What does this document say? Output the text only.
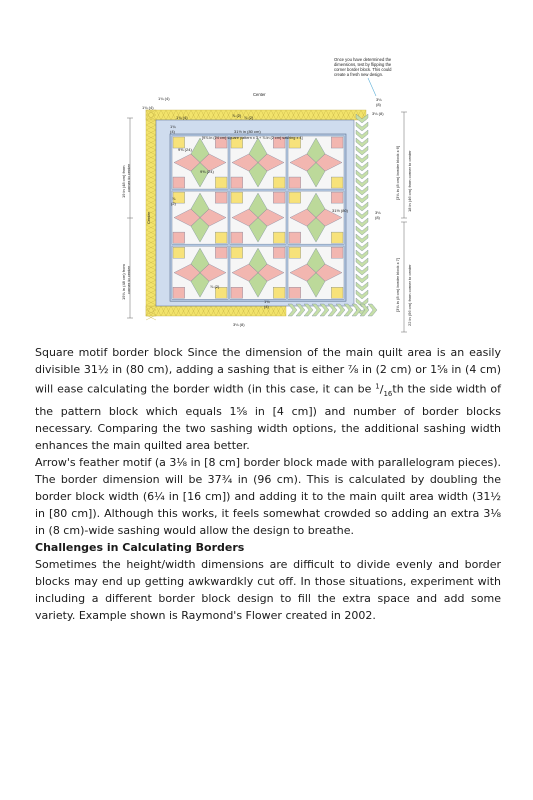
Once you have determined the
dimensions, test by flipping the
corner border block. This could
create a fresh new design.
Center
1¾ (4)
1¾ (4)
1¾ (4)	⅞ (2) ⅞ (2)
3⅛
(8)
3⅛ (8)
31½ in (80 cm)
[9⅞ in (24 cm) square pattern x 3 + ⅞ in (2 cm) sashing x 4]
9⅝ (24)
9⅝ (24)
1¾
(4)
⅞
(2)
31½ (80)	3⅛
(8)
⅞ (2)
1¾
(4)
3⅛ (8)
19 in (48 cm) from corner to center
Center
19⅛ in (48 cm) from corner to center
[3⅛ in (8 cm) border block x 6] 18 in (46 cm) from corner to center
[3⅛ in (8 cm) border block x 7] 22 in (56 cm) from corner to center

Square motif border block Since the dimension of the main quilt area is an easily divisible 31½ in (80 cm), adding a sashing that is either ⅞ in (2 cm) or 1⅝ in (4 cm) will ease calculating the border width (in this case, it can be $^1/_{16}th$ the side width of the pattern block which equals 1⅝ in [4 cm]) and number of border blocks necessary. Comparing the two sashing width options, the additional sashing width enhances the main quilted area better.

Arrow's feather motif (a 3⅛ in [8 cm] border block made with parallelogram pieces). The border dimension will be 37¾ in (96 cm). This is calculated by doubling the border block width (6¼ in [16 cm]) and adding it to the main quilt area width (31½ in [80 cm]). Although this works, it feels somewhat crowded so adding an extra 3⅛ in (8 cm)-wide sashing would allow the design to breathe.

Challenges in Calculating Borders

Sometimes the height/width dimensions are difficult to divide evenly and border blocks may end up getting awkwardkly cut off. In those situations, experiment with including a different border block design to fill the extra space and add some variety. Example shown is Raymond's Flower created in 2002.
